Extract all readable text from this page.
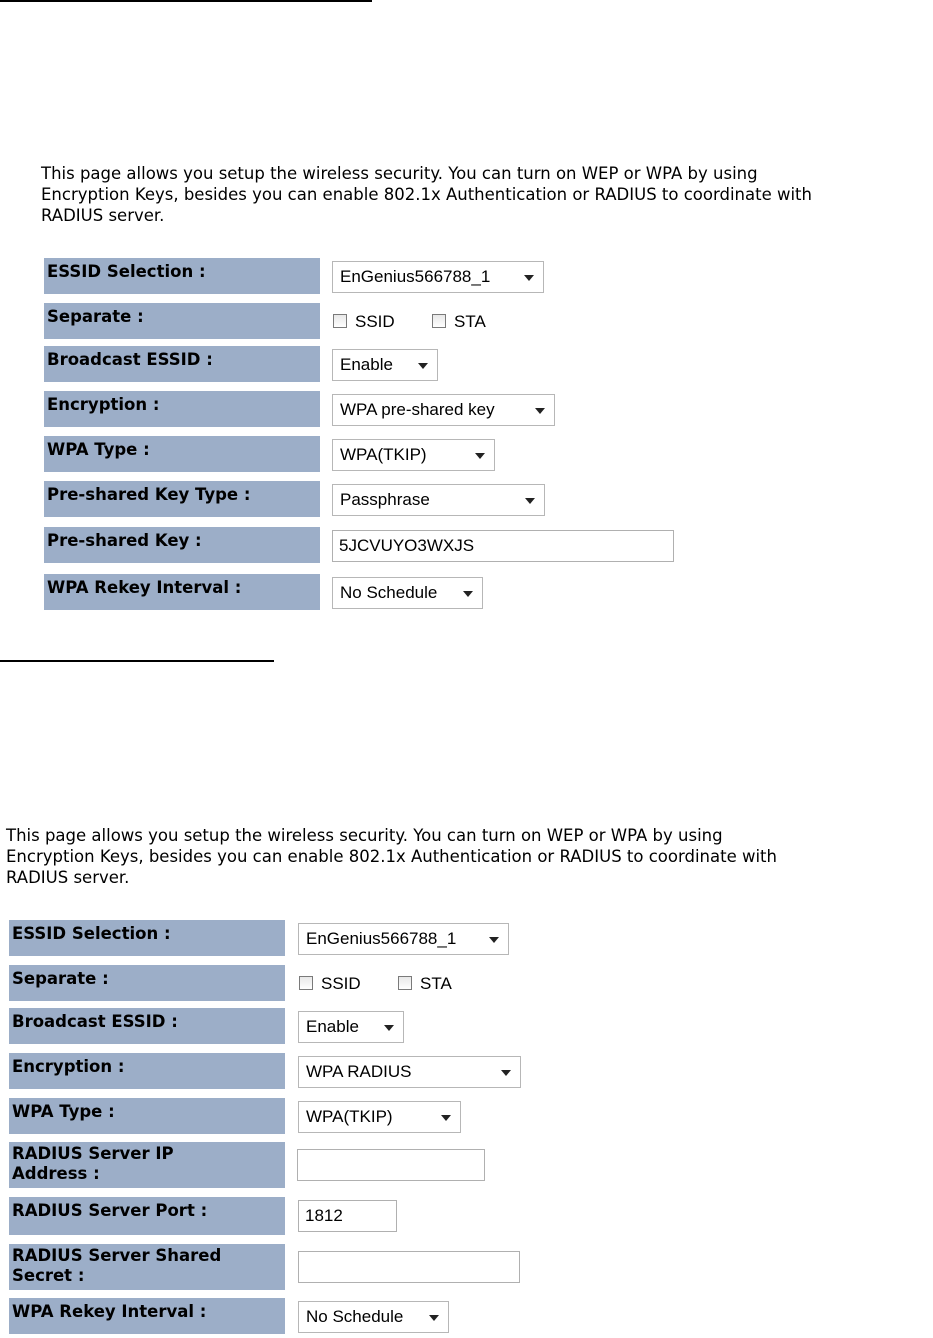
This page allows you setup the wireless security. You can turn on WEP or WPA by using
Encryption Keys, besides you can enable 802.1x Authentication or RADIUS to coordinate with
RADIUS server.
ESSID Selection :	EnGenius566788_1
Separate :	SSID	STA
Broadcast ESSID :	Enable
Encryption :	WPA pre-shared key
WPA Type :	WPA(TKIP)
Pre-shared Key Type :	Passphrase
Pre-shared Key :	5JCVUYO3WXJS
WPA Rekey Interval :	No Schedule
This page allows you setup the wireless security. You can turn on WEP or WPA by using
Encryption Keys, besides you can enable 802.1x Authentication or RADIUS to coordinate with
RADIUS server.
ESSID Selection :	EnGenius566788_1
Separate :	SSID	STA
Broadcast ESSID :	Enable
Encryption :	WPA RADIUS
WPA Type :	WPA(TKIP)
RADIUS Server IP
Address :
RADIUS Server Port :	1812
RADIUS Server Shared
Secret :
WPA Rekey Interval :	No Schedule
